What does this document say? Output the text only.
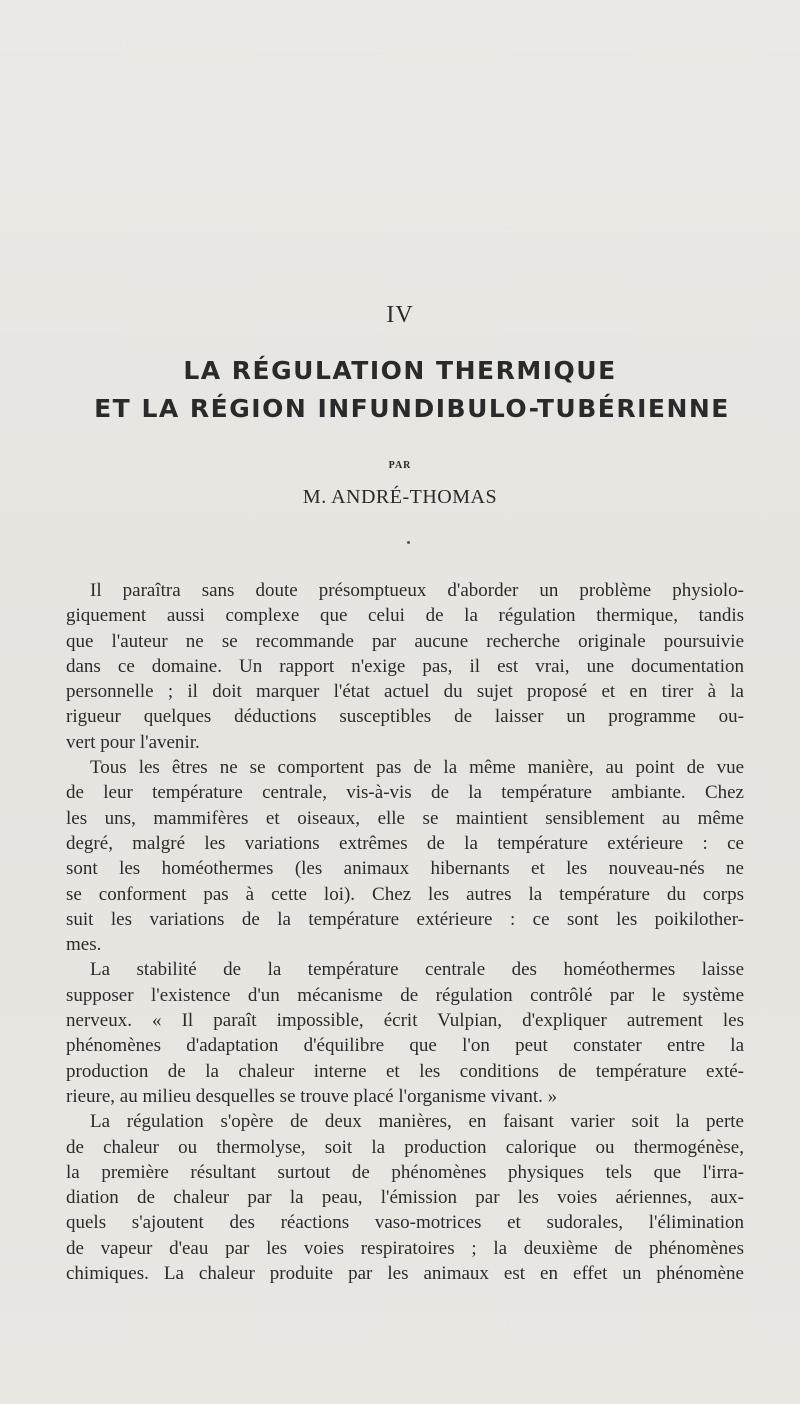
IV
LA RÉGULATION THERMIQUE
ET LA RÉGION INFUNDIBULO-TUBÉRIENNE
PAR
M. ANDRÉ-THOMAS
Il paraîtra sans doute présomptueux d'aborder un problème physiolo-
giquement aussi complexe que celui de la régulation thermique, tandis
que l'auteur ne se recommande par aucune recherche originale poursuivie
dans ce domaine. Un rapport n'exige pas, il est vrai, une documentation
personnelle ; il doit marquer l'état actuel du sujet proposé et en tirer à la
rigueur quelques déductions susceptibles de laisser un programme ou-
vert pour l'avenir.
Tous les êtres ne se comportent pas de la même manière, au point de vue
de leur température centrale, vis-à-vis de la température ambiante. Chez
les uns, mammifères et oiseaux, elle se maintient sensiblement au même
degré, malgré les variations extrêmes de la température extérieure : ce
sont les homéothermes (les animaux hibernants et les nouveau-nés ne
se conforment pas à cette loi). Chez les autres la température du corps
suit les variations de la température extérieure : ce sont les poikilother-
mes.
La stabilité de la température centrale des homéothermes laisse
supposer l'existence d'un mécanisme de régulation contrôlé par le système
nerveux. « Il paraît impossible, écrit Vulpian, d'expliquer autrement les
phénomènes d'adaptation d'équilibre que l'on peut constater entre la
production de la chaleur interne et les conditions de température exté-
rieure, au milieu desquelles se trouve placé l'organisme vivant. »
La régulation s'opère de deux manières, en faisant varier soit la perte
de chaleur ou thermolyse, soit la production calorique ou thermogénèse,
la première résultant surtout de phénomènes physiques tels que l'irra-
diation de chaleur par la peau, l'émission par les voies aériennes, aux-
quels s'ajoutent des réactions vaso-motrices et sudorales, l'élimination
de vapeur d'eau par les voies respiratoires ; la deuxième de phénomènes
chimiques. La chaleur produite par les animaux est en effet un phénomène
